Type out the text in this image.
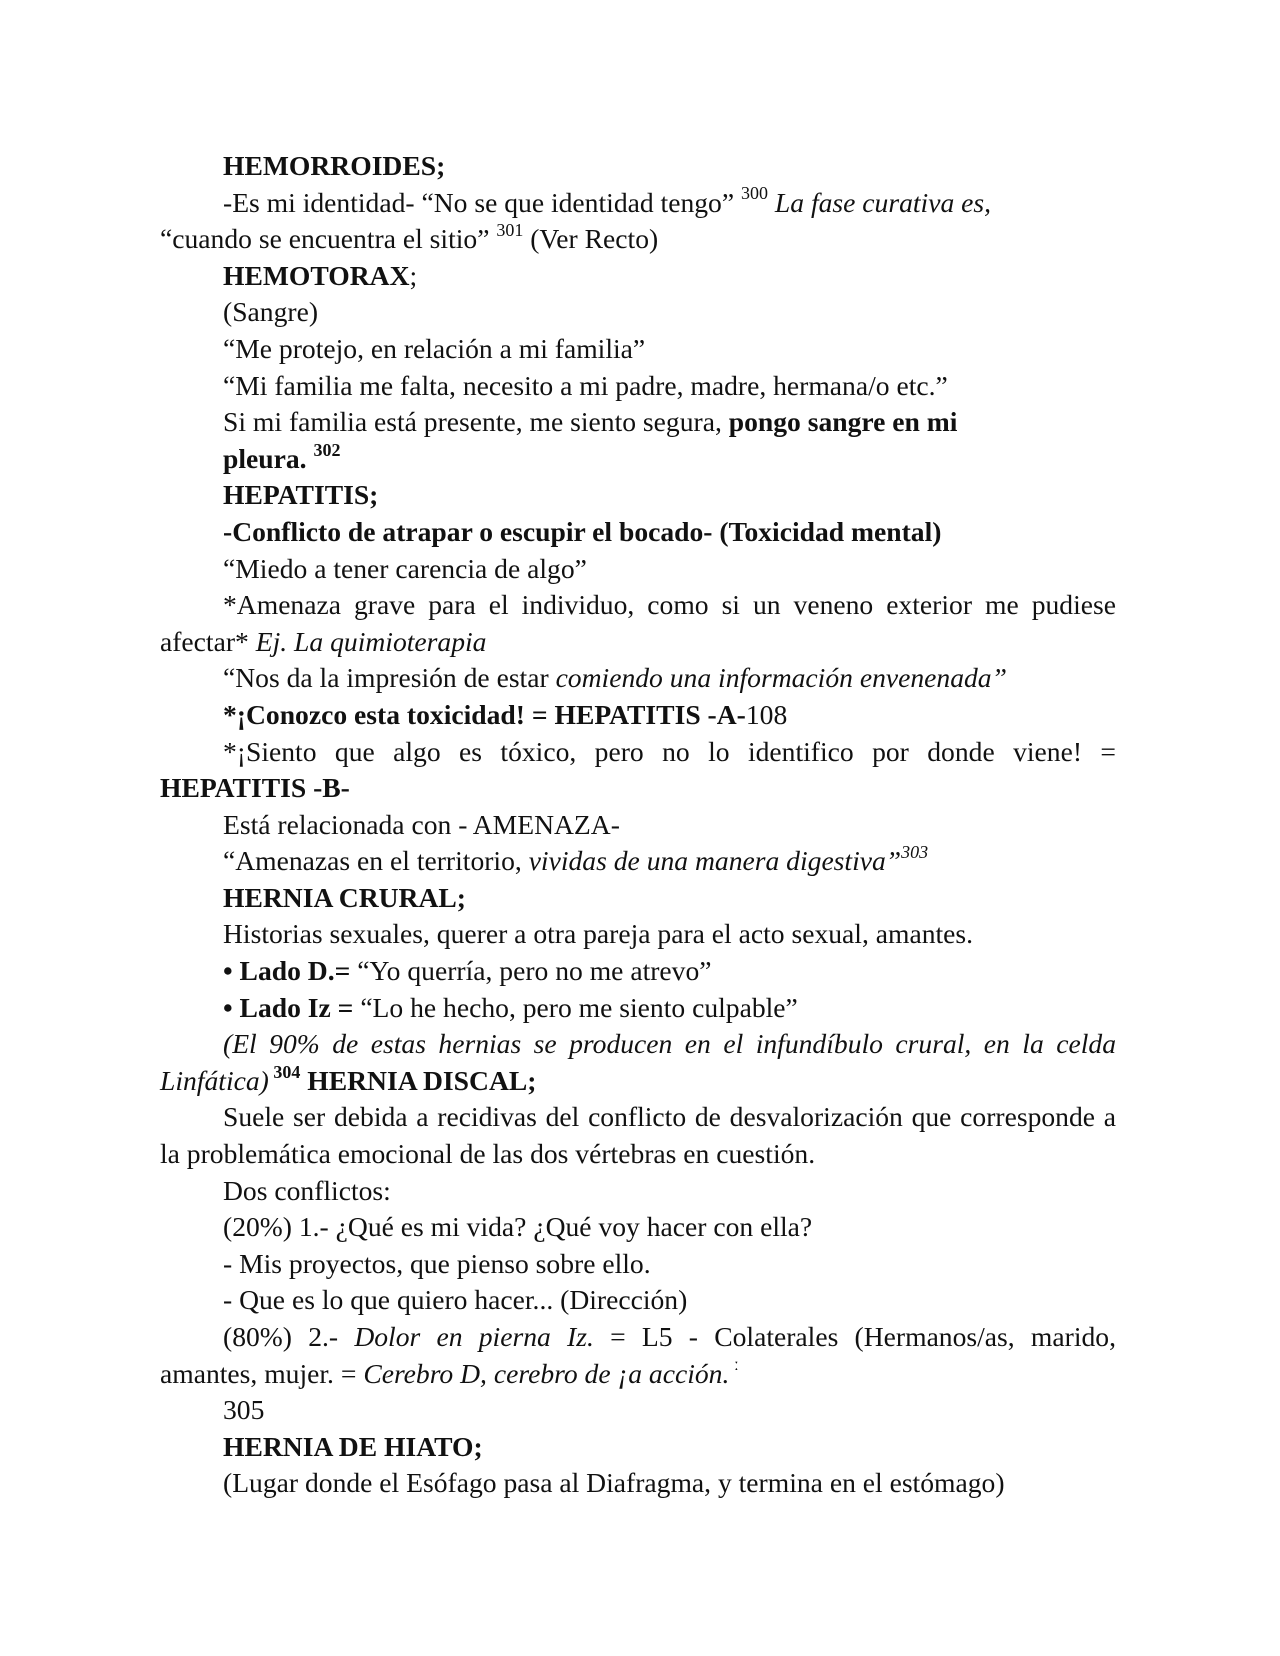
HEMORROIDES;

-Es mi identidad- “No se que identidad tengo” $^{300}$ La fase curativa es,
“cuando se encuentra el sitio” $^{301}$ (Ver Recto)

HEMOTORAX;

(Sangre)

“Me protejo, en relación a mi familia”

“Mi familia me falta, necesito a mi padre, madre, hermana/o etc.”

Si mi familia está presente, me siento segura, pongo sangre en mi

pleura. $^{302}$

HEPATITIS;

-Conflicto de atrapar o escupir el bocado- (Toxicidad mental)

“Miedo a tener carencia de algo”

*Amenaza grave para el individuo, como si un veneno exterior me pudiese afectar* Ej. La quimioterapia

“Nos da la impresión de estar comiendo una información envenenada”

*¡Conozco esta toxicidad! = HEPATITIS -A-108

*¡Siento que algo es tóxico, pero no lo identifico por donde viene! = HEPATITIS -B-

Está relacionada con - AMENAZA-

“Amenazas en el territorio, vividas de una manera digestiva”$^{303}$

HERNIA CRURAL;

Historias sexuales, querer a otra pareja para el acto sexual, amantes.

• Lado D.= “Yo querría, pero no me atrevo”

• Lado Iz = “Lo he hecho, pero me siento culpable”

(El 90% de estas hernias se producen en el infundíbulo crural, en la celda Linfática) $^{304}$ HERNIA DISCAL;

Suele ser debida a recidivas del conflicto de desvalorización que corresponde a la problemática emocional de las dos vértebras en cuestión.

Dos conflictos:

(20%) 1.- ¿Qué es mi vida? ¿Qué voy hacer con ella?

- Mis proyectos, que pienso sobre ello.

- Que es lo que quiero hacer... (Dirección)

(80%) 2.- Dolor en pierna Iz. = L5 - Colaterales (Hermanos/as, marido, amantes, mujer. = Cerebro D, cerebro de ¡a acción. $^ː$

305

HERNIA DE HIATO;

(Lugar donde el Esófago pasa al Diafragma, y termina en el estómago)
